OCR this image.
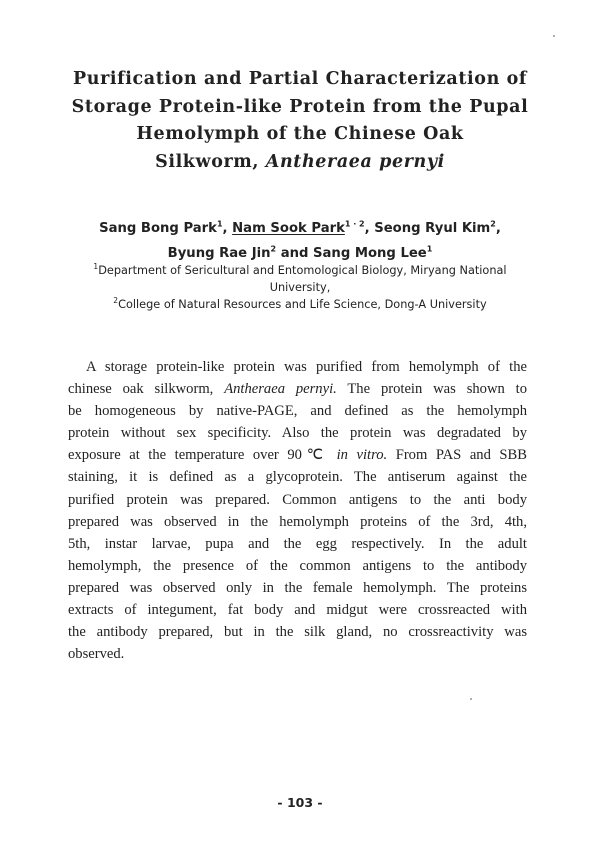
Purification and Partial Characterization of
Storage Protein-like Protein from the Pupal
Hemolymph of the Chinese Oak
Silkworm, Antheraea pernyi
Sang Bong Park$^1$, Nam Sook Park$^{1 \cdot 2}$, Seong Ryul Kim$^2$,
Byung Rae Jin$^2$ and Sang Mong Lee$^1$
$^1$Department of Sericultural and Entomological Biology, Miryang National
University,
$^2$College of Natural Resources and Life Science, Dong-A University
A storage protein-like protein was purified from hemolymph of the
chinese oak silkworm, Antheraea pernyi. The protein was shown to
be homogeneous by native-PAGE, and defined as the hemolymph
protein without sex specificity. Also the protein was degradated by
exposure at the temperature over 90℃ in vitro. From PAS and SBB
staining, it is defined as a glycoprotein. The antiserum against the
purified protein was prepared. Common antigens to the anti body
prepared was observed in the hemolymph proteins of the 3rd, 4th,
5th, instar larvae, pupa and the egg respectively. In the adult
hemolymph, the presence of the common antigens to the antibody
prepared was observed only in the female hemolymph. The proteins
extracts of integument, fat body and midgut were crossreacted with
the antibody prepared, but in the silk gland, no crossreactivity was
observed.
- 103 -
